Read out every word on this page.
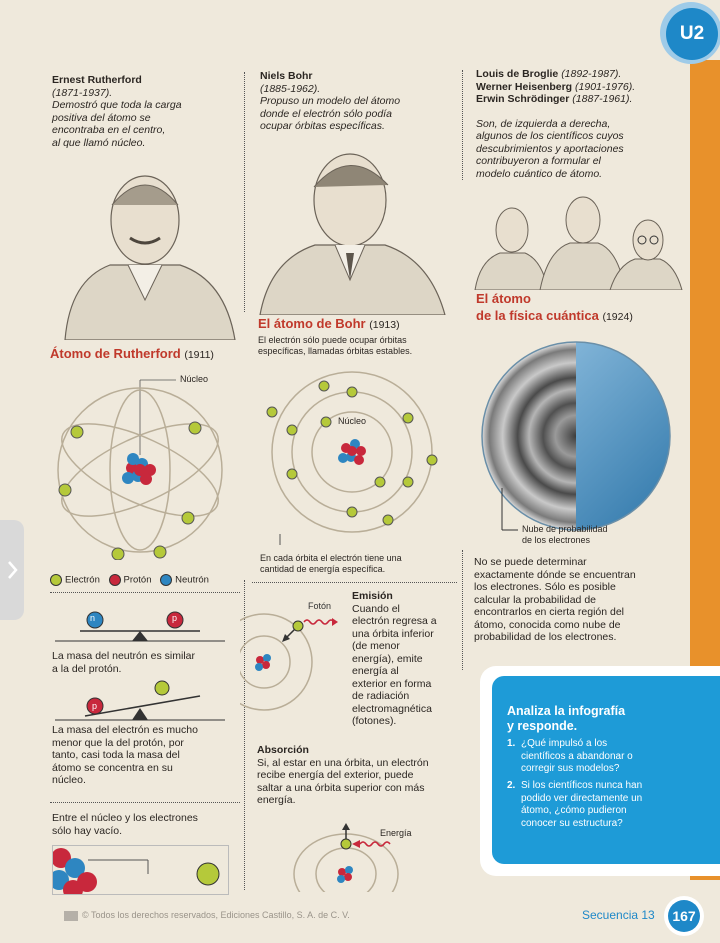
U2
Ernest Rutherford
(1871-1937).
Demostró que toda la carga
positiva del átomo se
encontraba en el centro,
al que llamó núcleo.
Átomo de Rutherford (1911)
Núcleo
Electrón Protón Neutrón
n	p
La masa del neutrón es similar
a la del protón.
p
La masa del electrón es mucho
menor que la del protón, por
tanto, casi toda la masa del
átomo se concentra en su
núcleo.
Entre el núcleo y los electrones
sólo hay vacío.
Niels Bohr
(1885-1962).
Propuso un modelo del átomo
donde el electrón sólo podía
ocupar órbitas específicas.
El átomo de Bohr (1913)
El electrón sólo puede ocupar órbitas
específicas, llamadas órbitas estables.
Núcleo
En cada órbita el electrón tiene una
cantidad de energía específica.
Fotón
Emisión
Cuando el
electrón regresa a
una órbita inferior
(de menor
energía), emite
energía al
exterior en forma
de radiación
electromagnética
(fotones).
Absorción
Si, al estar en una órbita, un electrón
recibe energía del exterior, puede
saltar a una órbita superior con más
energía.
Energía
Louis de Broglie (1892-1987).
Werner Heisenberg (1901-1976).
Erwin Schrödinger (1887-1961).
Son, de izquierda a derecha,
algunos de los científicos cuyos
descubrimientos y aportaciones
contribuyeron a formular el
modelo cuántico de átomo.
El átomo
de la física cuántica (1924)
Nube de probabilidad
de los electrones
No se puede determinar
exactamente dónde se encuentran
los electrones. Sólo es posible
calcular la probabilidad de
encontrarlos en cierta región del
átomo, conocida como nube de
probabilidad de los electrones.
Analiza la infografía
y responde.
1. ¿Qué impulsó a los
científicos a abandonar o
corregir sus modelos?
2. Si los científicos nunca han
podido ver directamente un
átomo, ¿cómo pudieron
conocer su estructura?
© Todos los derechos reservados, Ediciones Castillo, S. A. de C. V.	Secuencia 13	167
